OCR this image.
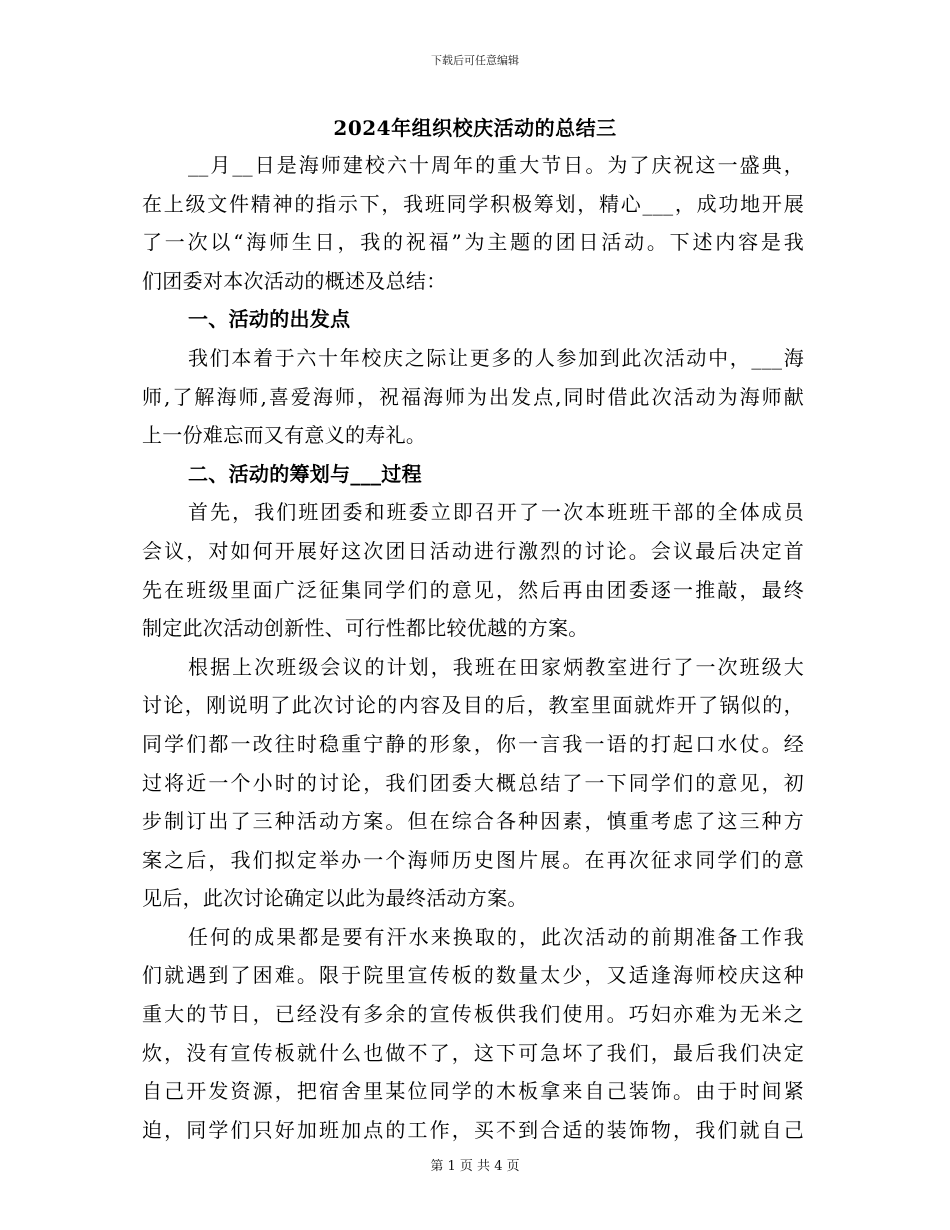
下载后可任意编辑
2024年组织校庆活动的总结三
__月__日是海师建校六十周年的重大节日。为了庆祝这一盛典，
在上级文件精神的指示下，我班同学积极筹划，精心___，成功地开展
了一次以“海师生日，我的祝福”为主题的团日活动。下述内容是我
们团委对本次活动的概述及总结：
一、活动的出发点
我们本着于六十年校庆之际让更多的人参加到此次活动中，___海
师,了解海师,喜爱海师，祝福海师为出发点,同时借此次活动为海师献
上一份难忘而又有意义的寿礼。
二、活动的筹划与___过程
首先，我们班团委和班委立即召开了一次本班班干部的全体成员
会议，对如何开展好这次团日活动进行激烈的讨论。会议最后决定首
先在班级里面广泛征集同学们的意见，然后再由团委逐一推敲，最终
制定此次活动创新性、可行性都比较优越的方案。
根据上次班级会议的计划，我班在田家炳教室进行了一次班级大
讨论，刚说明了此次讨论的内容及目的后，教室里面就炸开了锅似的，
同学们都一改往时稳重宁静的形象，你一言我一语的打起口水仗。经
过将近一个小时的讨论，我们团委大概总结了一下同学们的意见，初
步制订出了三种活动方案。但在综合各种因素，慎重考虑了这三种方
案之后，我们拟定举办一个海师历史图片展。在再次征求同学们的意
见后，此次讨论确定以此为最终活动方案。
任何的成果都是要有汗水来换取的，此次活动的前期准备工作我
们就遇到了困难。限于院里宣传板的数量太少，又适逢海师校庆这种
重大的节日，已经没有多余的宣传板供我们使用。巧妇亦难为无米之
炊，没有宣传板就什么也做不了，这下可急坏了我们，最后我们决定
自己开发资源，把宿舍里某位同学的木板拿来自己装饰。由于时间紧
迫，同学们只好加班加点的工作，买不到合适的装饰物，我们就自己
第 1 页 共 4 页
